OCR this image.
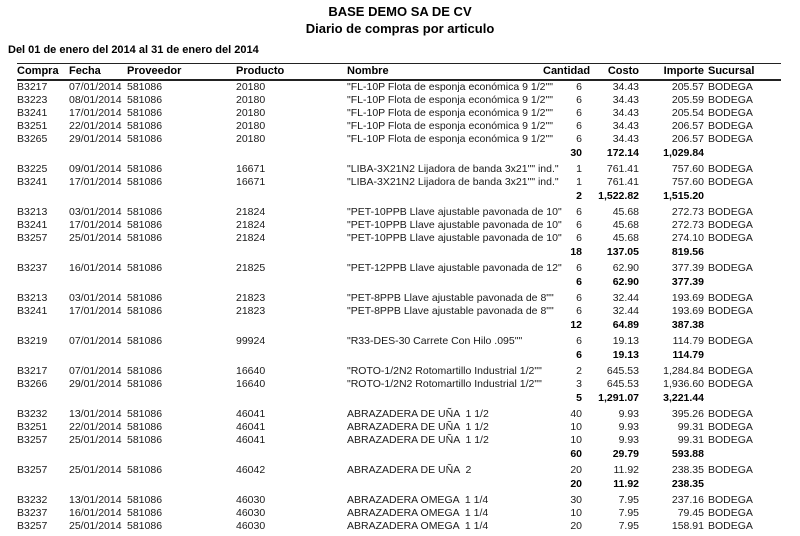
BASE DEMO SA DE CV
Diario de compras por articulo
Del 01 de enero del 2014 al 31 de enero del 2014
Compra	Fecha	Proveedor	Producto	Nombre	Cantidad	Costo	Importe	Sucursal
B3217	07/01/2014	581086	20180	"FL-10P Flota de esponja económica 9 1/2""	6	34.43	205.57	BODEGA
B3223	08/01/2014	581086	20180	"FL-10P Flota de esponja económica 9 1/2""	6	34.43	205.59	BODEGA
B3241	17/01/2014	581086	20180	"FL-10P Flota de esponja económica 9 1/2""	6	34.43	205.54	BODEGA
B3251	22/01/2014	581086	20180	"FL-10P Flota de esponja económica 9 1/2""	6	34.43	206.57	BODEGA
B3265	29/01/2014	581086	20180	"FL-10P Flota de esponja económica 9 1/2""	6	34.43	206.57	BODEGA
					30	172.14	1,029.84	

B3225	09/01/2014	581086	16671	"LIBA-3X21N2 Lijadora de banda 3x21"" ind."	1	761.41	757.60	BODEGA
B3241	17/01/2014	581086	16671	"LIBA-3X21N2 Lijadora de banda 3x21"" ind."	1	761.41	757.60	BODEGA
					2	1,522.82	1,515.20	

B3213	03/01/2014	581086	21824	"PET-10PPB Llave ajustable pavonada de 10"	6	45.68	272.73	BODEGA
B3241	17/01/2014	581086	21824	"PET-10PPB Llave ajustable pavonada de 10"	6	45.68	272.73	BODEGA
B3257	25/01/2014	581086	21824	"PET-10PPB Llave ajustable pavonada de 10"	6	45.68	274.10	BODEGA
					18	137.05	819.56	

B3237	16/01/2014	581086	21825	"PET-12PPB Llave ajustable pavonada de 12"	6	62.90	377.39	BODEGA
					6	62.90	377.39	

B3213	03/01/2014	581086	21823	"PET-8PPB Llave ajustable pavonada de 8""	6	32.44	193.69	BODEGA
B3241	17/01/2014	581086	21823	"PET-8PPB Llave ajustable pavonada de 8""	6	32.44	193.69	BODEGA
					12	64.89	387.38	

B3219	07/01/2014	581086	99924	"R33-DES-30 Carrete Con Hilo .095""	6	19.13	114.79	BODEGA
					6	19.13	114.79	

B3217	07/01/2014	581086	16640	"ROTO-1/2N2 Rotomartillo Industrial 1/2""	2	645.53	1,284.84	BODEGA
B3266	29/01/2014	581086	16640	"ROTO-1/2N2 Rotomartillo Industrial 1/2""	3	645.53	1,936.60	BODEGA
					5	1,291.07	3,221.44	

B3232	13/01/2014	581086	46041	ABRAZADERA DE UÑA  1 1/2	40	9.93	395.26	BODEGA
B3251	22/01/2014	581086	46041	ABRAZADERA DE UÑA  1 1/2	10	9.93	99.31	BODEGA
B3257	25/01/2014	581086	46041	ABRAZADERA DE UÑA  1 1/2	10	9.93	99.31	BODEGA
					60	29.79	593.88	

B3257	25/01/2014	581086	46042	ABRAZADERA DE UÑA  2	20	11.92	238.35	BODEGA
					20	11.92	238.35	

B3232	13/01/2014	581086	46030	ABRAZADERA OMEGA  1 1/4	30	7.95	237.16	BODEGA
B3237	16/01/2014	581086	46030	ABRAZADERA OMEGA  1 1/4	10	7.95	79.45	BODEGA
B3257	25/01/2014	581086	46030	ABRAZADERA OMEGA  1 1/4	20	7.95	158.91	BODEGA
